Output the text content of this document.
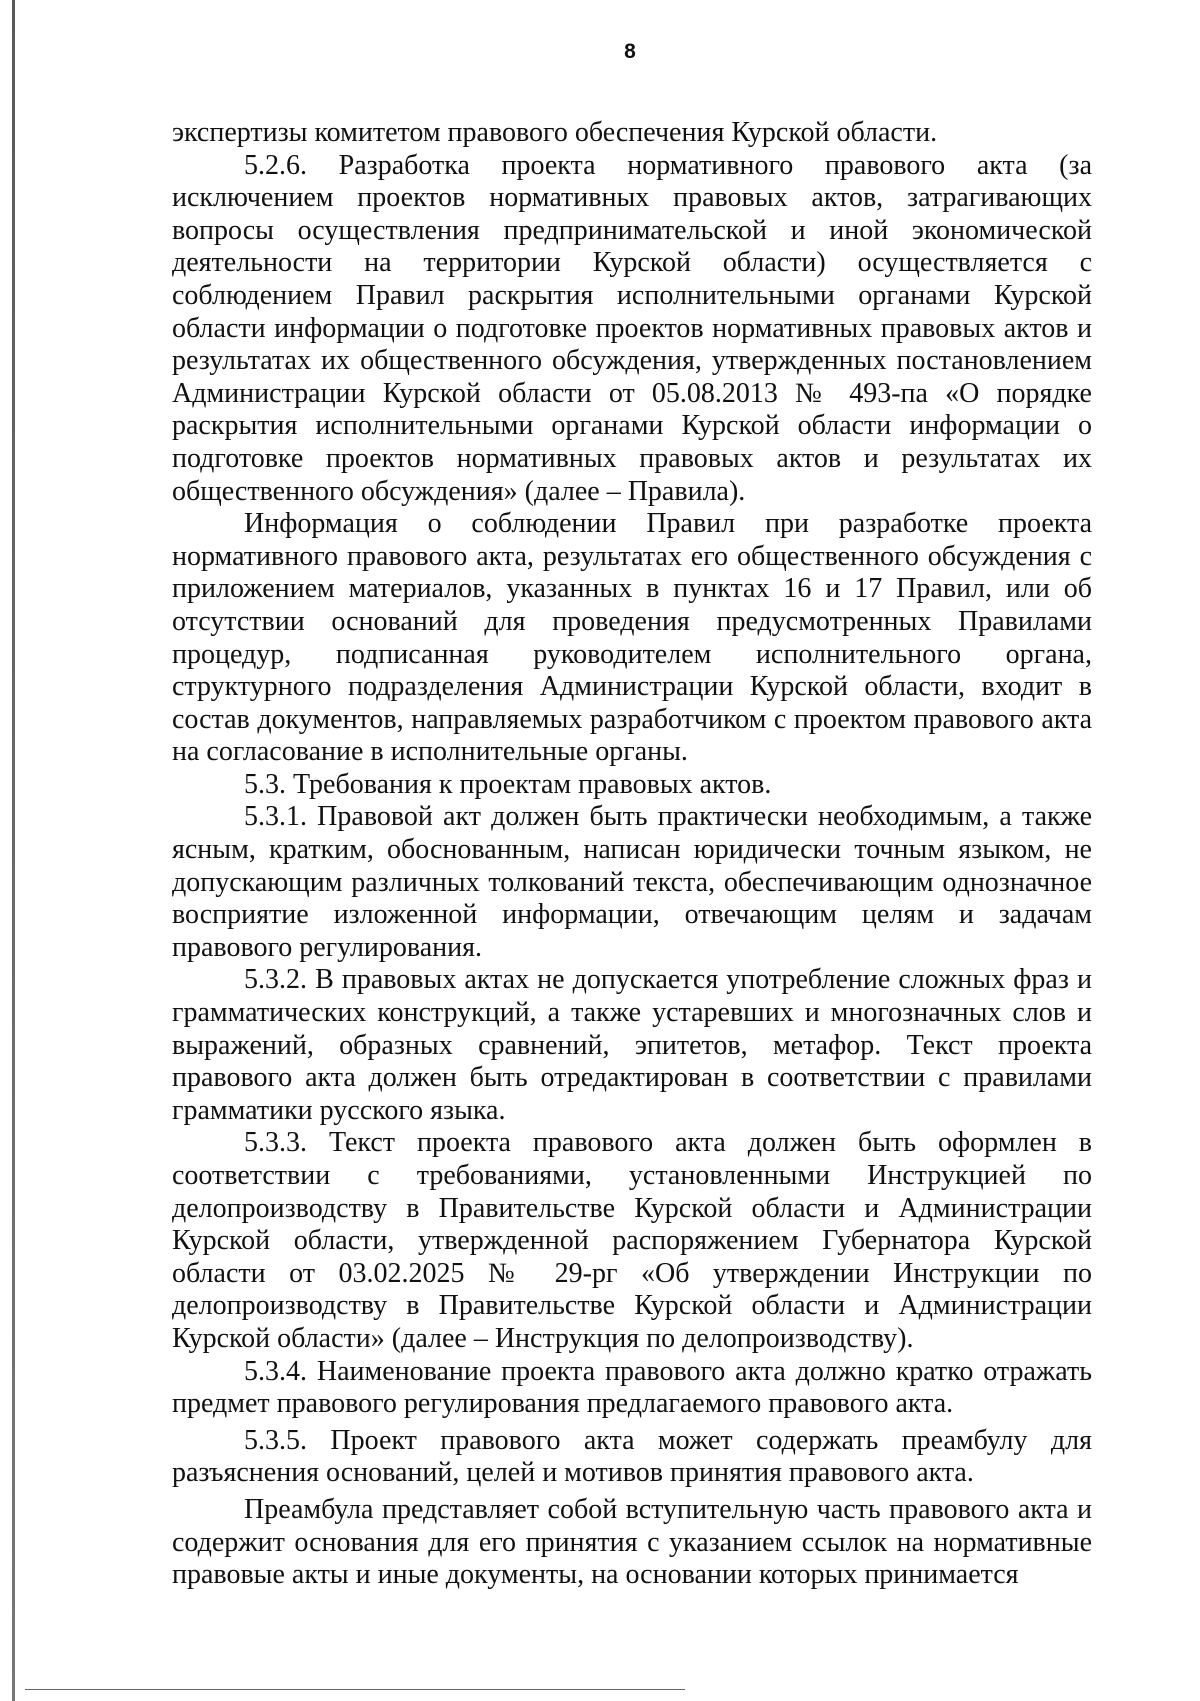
8

экспертизы комитетом правового обеспечения Курской области.

5.2.6. Разработка проекта нормативного правового акта (за исключением проектов нормативных правовых актов, затрагивающих вопросы осуществления предпринимательской и иной экономической деятельности на территории Курской области) осуществляется с соблюдением Правил раскрытия исполнительными органами Курской области информации о подготовке проектов нормативных правовых актов и результатах их общественного обсуждения, утвержденных постановлением Администрации Курской области от 05.08.2013 № 493-па «О порядке раскрытия исполнительными органами Курской области информации о подготовке проектов нормативных правовых актов и результатах их общественного обсуждения» (далее – Правила).

Информация о соблюдении Правил при разработке проекта нормативного правового акта, результатах его общественного обсуждения с приложением материалов, указанных в пунктах 16 и 17 Правил, или об отсутствии оснований для проведения предусмотренных Правилами процедур, подписанная руководителем исполнительного органа, структурного подразделения Администрации Курской области, входит в состав документов, направляемых разработчиком с проектом правового акта на согласование в исполнительные органы.

5.3. Требования к проектам правовых актов.

5.3.1. Правовой акт должен быть практически необходимым, а также ясным, кратким, обоснованным, написан юридически точным языком, не допускающим различных толкований текста, обеспечивающим однозначное восприятие изложенной информации, отвечающим целям и задачам правового регулирования.

5.3.2. В правовых актах не допускается употребление сложных фраз и грамматических конструкций, а также устаревших и многозначных слов и выражений, образных сравнений, эпитетов, метафор. Текст проекта правового акта должен быть отредактирован в соответствии с правилами грамматики русского языка.

5.3.3. Текст проекта правового акта должен быть оформлен в соответствии с требованиями, установленными Инструкцией по делопроизводству в Правительстве Курской области и Администрации Курской области, утвержденной распоряжением Губернатора Курской области от 03.02.2025 № 29-рг «Об утверждении Инструкции по делопроизводству в Правительстве Курской области и Администрации Курской области» (далее – Инструкция по делопроизводству).

5.3.4. Наименование проекта правового акта должно кратко отражать предмет правового регулирования предлагаемого правового акта.

5.3.5. Проект правового акта может содержать преамбулу для разъяснения оснований, целей и мотивов принятия правового акта.

Преамбула представляет собой вступительную часть правового акта и содержит основания для его принятия с указанием ссылок на нормативные правовые акты и иные документы, на основании которых принимается
